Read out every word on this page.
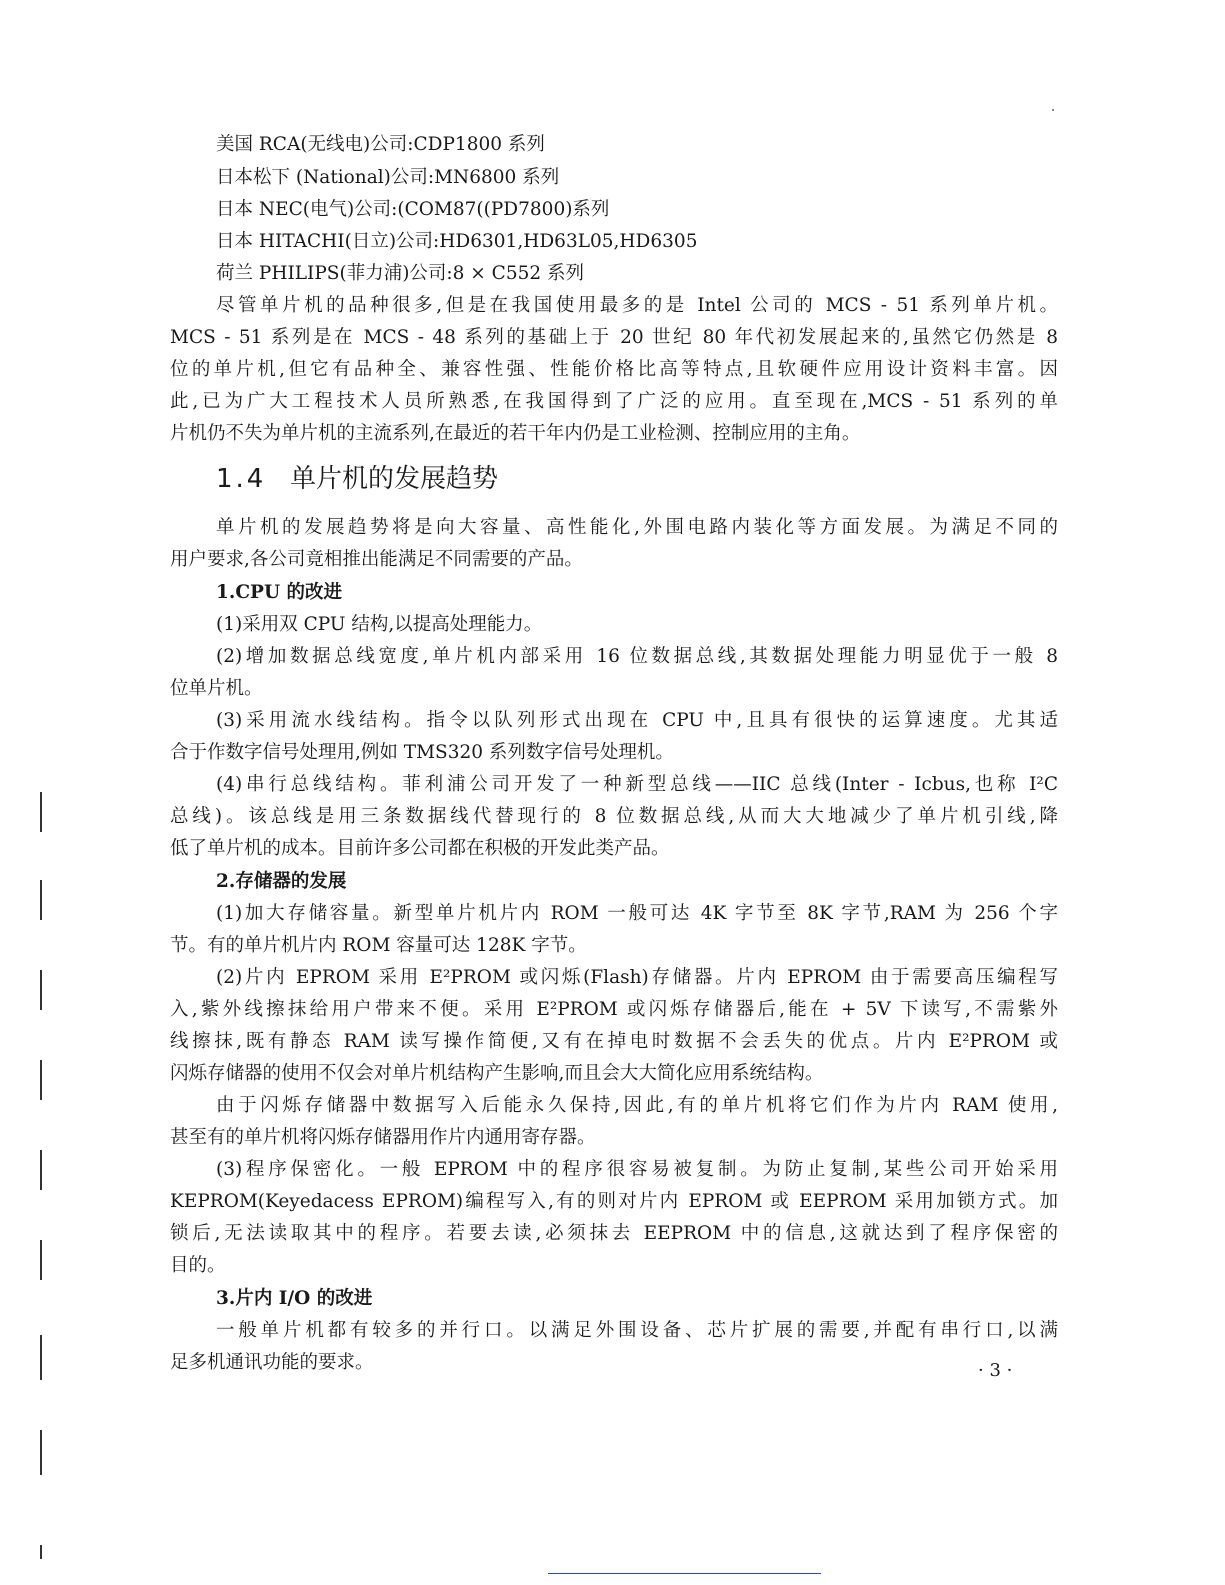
美国 RCA(无线电)公司:CDP1800 系列
日本松下 (National)公司:MN6800 系列
日本 NEC(电气)公司:(COM87((PD7800)系列
日本 HITACHI(日立)公司:HD6301,HD63L05,HD6305
荷兰 PHILIPS(菲力浦)公司:8 × C552 系列
尽管单片机的品种很多,但是在我国使用最多的是 Intel 公司的 MCS - 51 系列单片机。
MCS - 51 系列是在 MCS - 48 系列的基础上于 20 世纪 80 年代初发展起来的,虽然它仍然是 8
位的单片机,但它有品种全、兼容性强、性能价格比高等特点,且软硬件应用设计资料丰富。因
此,已为广大工程技术人员所熟悉,在我国得到了广泛的应用。直至现在,MCS - 51 系列的单
片机仍不失为单片机的主流系列,在最近的若干年内仍是工业检测、控制应用的主角。
1.4 单片机的发展趋势
单片机的发展趋势将是向大容量、高性能化,外围电路内装化等方面发展。为满足不同的
用户要求,各公司竟相推出能满足不同需要的产品。
1.CPU 的改进
(1)采用双 CPU 结构,以提高处理能力。
(2)增加数据总线宽度,单片机内部采用 16 位数据总线,其数据处理能力明显优于一般 8
位单片机。
(3)采用流水线结构。指令以队列形式出现在 CPU 中,且具有很快的运算速度。尤其适
合于作数字信号处理用,例如 TMS320 系列数字信号处理机。
(4)串行总线结构。菲利浦公司开发了一种新型总线——IIC 总线(Inter - Icbus,也称 I²C
总线)。该总线是用三条数据线代替现行的 8 位数据总线,从而大大地减少了单片机引线,降
低了单片机的成本。目前许多公司都在积极的开发此类产品。
2.存储器的发展
(1)加大存储容量。新型单片机片内 ROM 一般可达 4K 字节至 8K 字节,RAM 为 256 个字
节。有的单片机片内 ROM 容量可达 128K 字节。
(2)片内 EPROM 采用 E²PROM 或闪烁(Flash)存储器。片内 EPROM 由于需要高压编程写
入,紫外线擦抹给用户带来不便。采用 E²PROM 或闪烁存储器后,能在 + 5V 下读写,不需紫外
线擦抹,既有静态 RAM 读写操作简便,又有在掉电时数据不会丢失的优点。片内 E²PROM 或
闪烁存储器的使用不仅会对单片机结构产生影响,而且会大大简化应用系统结构。
由于闪烁存储器中数据写入后能永久保持,因此,有的单片机将它们作为片内 RAM 使用,
甚至有的单片机将闪烁存储器用作片内通用寄存器。
(3)程序保密化。一般 EPROM 中的程序很容易被复制。为防止复制,某些公司开始采用
KEPROM(Keyedacess EPROM)编程写入,有的则对片内 EPROM 或 EEPROM 采用加锁方式。加
锁后,无法读取其中的程序。若要去读,必须抹去 EEPROM 中的信息,这就达到了程序保密的
目的。
3.片内 I/O 的改进
一般单片机都有较多的并行口。以满足外围设备、芯片扩展的需要,并配有串行口,以满
足多机通讯功能的要求。	· 3 ·
